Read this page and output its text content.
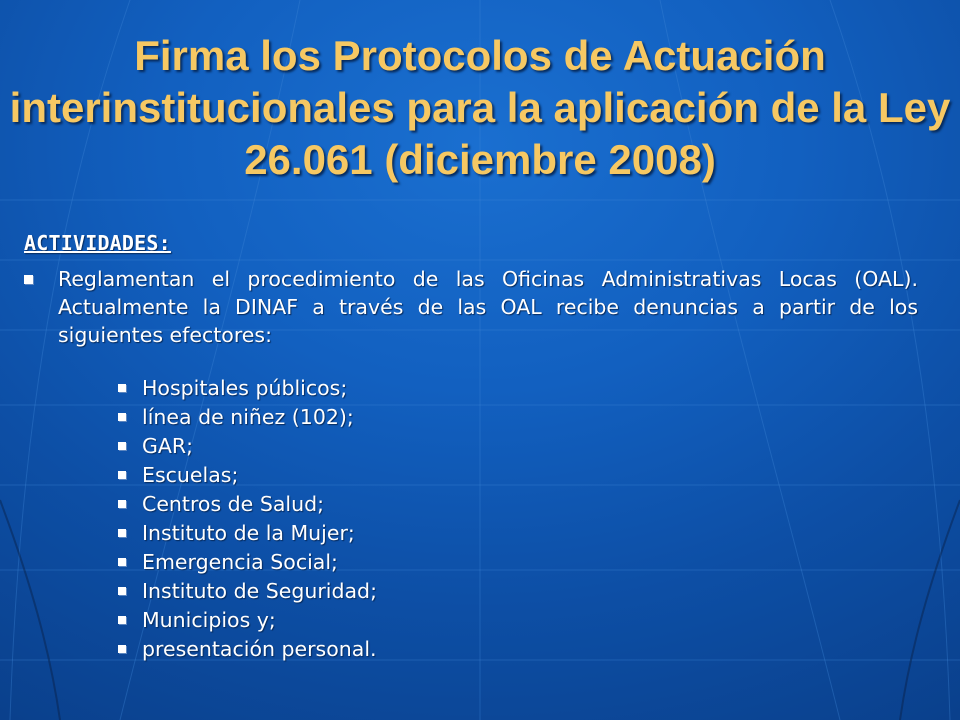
Firma los Protocolos de Actuación interinstitucionales para la aplicación de la Ley 26.061 (diciembre 2008)
ACTIVIDADES:
Reglamentan el procedimiento de las Oficinas Administrativas Locas (OAL). Actualmente la DINAF a través de las OAL recibe denuncias a partir de los siguientes efectores:
Hospitales públicos;
línea de niñez (102);
GAR;
Escuelas;
Centros de Salud;
Instituto de la Mujer;
Emergencia Social;
Instituto de Seguridad;
Municipios y;
presentación personal.
